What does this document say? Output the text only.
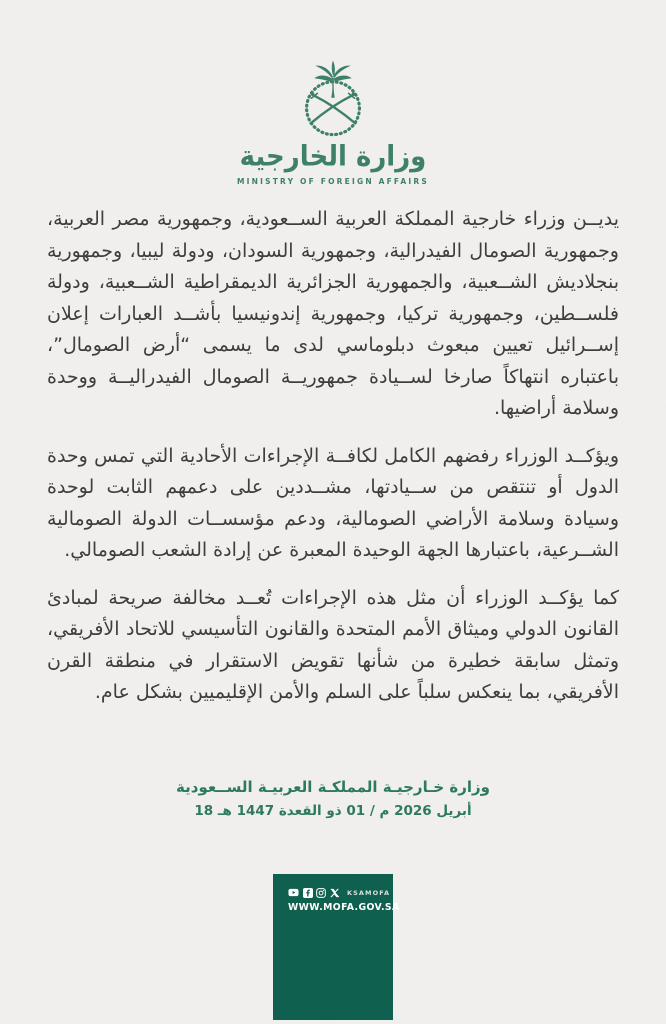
وزارة الخارجية
MINISTRY OF FOREIGN AFFAIRS

يديــن وزراء خارجية المملكة العربية الســعودية، وجمهورية مصر العربية، وجمهورية الصومال الفيدرالية، وجمهورية السودان، ودولة ليبيا، وجمهورية بنجلاديش الشــعبية، والجمهورية الجزائرية الديمقراطية الشــعبية، ودولة فلســطين، وجمهورية تركيا، وجمهورية إندونيسيا بأشــد العبارات إعلان إســرائيل تعيين مبعوث دبلوماسي لدى ما يسمى “أرض الصومال”، باعتباره انتهاكاً صارخا لســيادة جمهوريــة الصومال الفيدراليــة ووحدة وسلامة أراضيها.

ويؤكــد الوزراء رفضهم الكامل لكافــة الإجراءات الأحادية التي تمس وحدة الدول أو تنتقص من ســيادتها، مشــددين على دعمهم الثابت لوحدة وسيادة وسلامة الأراضي الصومالية، ودعم مؤسســات الدولة الصومالية الشــرعية، باعتبارها الجهة الوحيدة المعبرة عن إرادة الشعب الصومالي.

كما يؤكــد الوزراء أن مثل هذه الإجراءات تُعــد مخالفة صريحة لمبادئ القانون الدولي وميثاق الأمم المتحدة والقانون التأسيسي للاتحاد الأفريقي، وتمثل سابقة خطيرة من شأنها تقويض الاستقرار في منطقة القرن الأفريقي، بما ينعكس سلباً على السلم والأمن الإقليميين بشكل عام.

وزارة خـارجيـة المملكـة العربيـة الســعودية
18 أبريل 2026 م / 01 ذو القعدة 1447 هـ
KSAMOFA
WWW.MOFA.GOV.SA
